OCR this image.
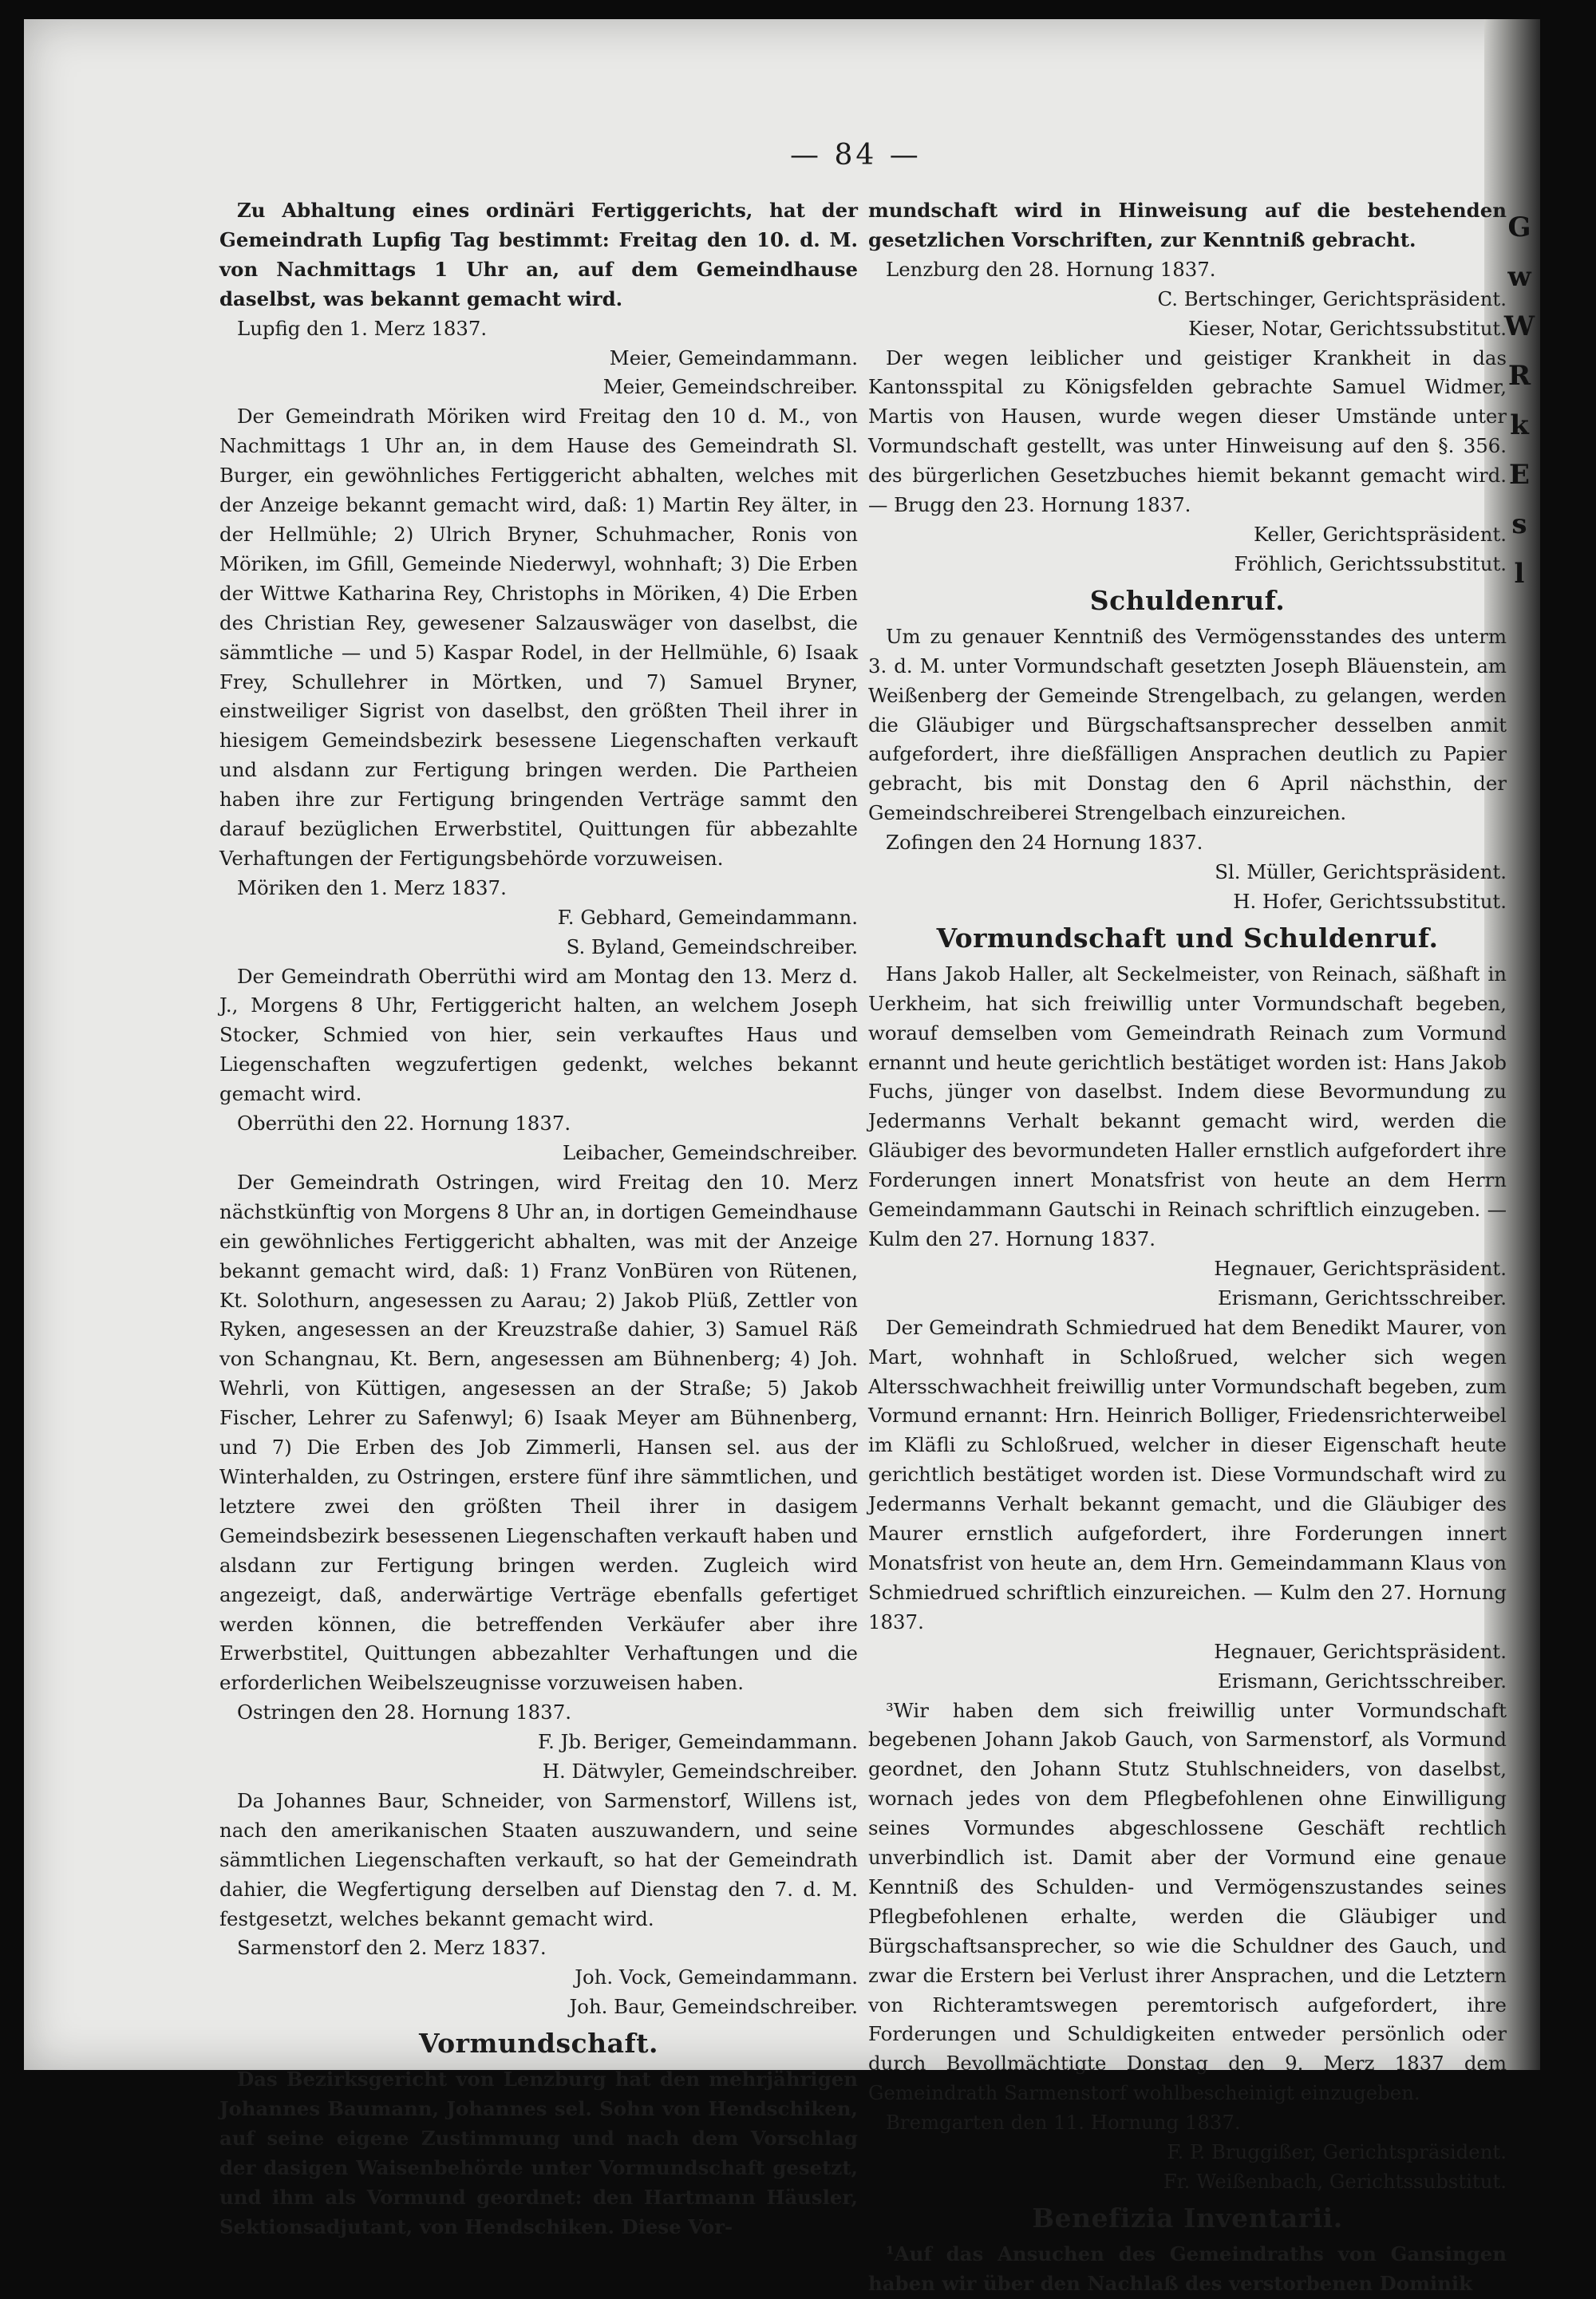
G
w
W
R
k
E
s
l
— 84 —

Zu Abhaltung eines ordinäri Fertiggerichts, hat der Gemeindrath Lupfig Tag bestimmt: Freitag den 10. d. M. von Nachmittags 1 Uhr an, auf dem Gemeindhause daselbst, was bekannt gemacht wird.

Lupfig den 1. Merz 1837.

Meier, Gemeindammann.

Meier, Gemeindschreiber.

Der Gemeindrath Möriken wird Freitag den 10 d. M., von Nachmittags 1 Uhr an, in dem Hause des Gemeindrath Sl. Burger, ein gewöhnliches Fertiggericht abhalten, welches mit der Anzeige bekannt gemacht wird, daß: 1) Martin Rey älter, in der Hellmühle; 2) Ulrich Bryner, Schuhmacher, Ronis von Möriken, im Gfill, Gemeinde Niederwyl, wohnhaft; 3) Die Erben der Wittwe Katharina Rey, Christophs in Möriken, 4) Die Erben des Christian Rey, gewesener Salzauswäger von daselbst, die sämmtliche — und 5) Kaspar Rodel, in der Hellmühle, 6) Isaak Frey, Schullehrer in Mörtken, und 7) Samuel Bryner, einstweiliger Sigrist von daselbst, den größten Theil ihrer in hiesigem Gemeindsbezirk besessene Liegenschaften verkauft und alsdann zur Fertigung bringen werden. Die Partheien haben ihre zur Fertigung bringenden Verträge sammt den darauf bezüglichen Erwerbstitel, Quittungen für abbezahlte Verhaftungen der Fertigungsbehörde vorzuweisen.

Möriken den 1. Merz 1837.

F. Gebhard, Gemeindammann.

S. Byland, Gemeindschreiber.

Der Gemeindrath Oberrüthi wird am Montag den 13. Merz d. J., Morgens 8 Uhr, Fertiggericht halten, an welchem Joseph Stocker, Schmied von hier, sein verkauftes Haus und Liegenschaften wegzufertigen gedenkt, welches bekannt gemacht wird.

Oberrüthi den 22. Hornung 1837.

Leibacher, Gemeindschreiber.

Der Gemeindrath Ostringen, wird Freitag den 10. Merz nächstkünftig von Morgens 8 Uhr an, in dortigen Gemeindhause ein gewöhnliches Fertiggericht abhalten, was mit der Anzeige bekannt gemacht wird, daß: 1) Franz VonBüren von Rütenen, Kt. Solothurn, angesessen zu Aarau; 2) Jakob Plüß, Zettler von Ryken, angesessen an der Kreuzstraße dahier, 3) Samuel Räß von Schangnau, Kt. Bern, angesessen am Bühnenberg; 4) Joh. Wehrli, von Küttigen, angesessen an der Straße; 5) Jakob Fischer, Lehrer zu Safenwyl; 6) Isaak Meyer am Bühnenberg, und 7) Die Erben des Job Zimmerli, Hansen sel. aus der Winterhalden, zu Ostringen, erstere fünf ihre sämmtlichen, und letztere zwei den größten Theil ihrer in dasigem Gemeindsbezirk besessenen Liegenschaften verkauft haben und alsdann zur Fertigung bringen werden. Zugleich wird angezeigt, daß, anderwärtige Verträge ebenfalls gefertiget werden können, die betreffenden Verkäufer aber ihre Erwerbstitel, Quittungen abbezahlter Verhaftungen und die erforderlichen Weibelszeugnisse vorzuweisen haben.

Ostringen den 28. Hornung 1837.

F. Jb. Beriger, Gemeindammann.

H. Dätwyler, Gemeindschreiber.

Da Johannes Baur, Schneider, von Sarmenstorf, Willens ist, nach den amerikanischen Staaten auszuwandern, und seine sämmtlichen Liegenschaften verkauft, so hat der Gemeindrath dahier, die Wegfertigung derselben auf Dienstag den 7. d. M. festgesetzt, welches bekannt gemacht wird.

Sarmenstorf den 2. Merz 1837.

Joh. Vock, Gemeindammann.

Joh. Baur, Gemeindschreiber.

Vormundschaft.

Das Bezirksgericht von Lenzburg hat den mehrjährigen Johannes Baumann, Johannes sel. Sohn von Hendschiken, auf seine eigene Zustimmung und nach dem Vorschlag der dasigen Waisenbehörde unter Vormundschaft gesetzt, und ihm als Vormund geordnet: den Hartmann Häusler, Sektionsadjutant, von Hendschiken. Diese Vor-

mundschaft wird in Hinweisung auf die bestehenden gesetzlichen Vorschriften, zur Kenntniß gebracht.

Lenzburg den 28. Hornung 1837.

C. Bertschinger, Gerichtspräsident.

Kieser, Notar, Gerichtssubstitut.

Der wegen leiblicher und geistiger Krankheit in das Kantonsspital zu Königsfelden gebrachte Samuel Widmer, Martis von Hausen, wurde wegen dieser Umstände unter Vormundschaft gestellt, was unter Hinweisung auf den §. 356. des bürgerlichen Gesetzbuches hiemit bekannt gemacht wird. — Brugg den 23. Hornung 1837.

Keller, Gerichtspräsident.

Fröhlich, Gerichtssubstitut.

Schuldenruf.

Um zu genauer Kenntniß des Vermögensstandes des unterm 3. d. M. unter Vormundschaft gesetzten Joseph Bläuenstein, am Weißenberg der Gemeinde Strengelbach, zu gelangen, werden die Gläubiger und Bürgschaftsansprecher desselben anmit aufgefordert, ihre dießfälligen Ansprachen deutlich zu Papier gebracht, bis mit Donstag den 6 April nächsthin, der Gemeindschreiberei Strengelbach einzureichen.

Zofingen den 24 Hornung 1837.

Sl. Müller, Gerichtspräsident.

H. Hofer, Gerichtssubstitut.

Vormundschaft und Schuldenruf.

Hans Jakob Haller, alt Seckelmeister, von Reinach, säßhaft in Uerkheim, hat sich freiwillig unter Vormundschaft begeben, worauf demselben vom Gemeindrath Reinach zum Vormund ernannt und heute gerichtlich bestätiget worden ist: Hans Jakob Fuchs, jünger von daselbst. Indem diese Bevormundung zu Jedermanns Verhalt bekannt gemacht wird, werden die Gläubiger des bevormundeten Haller ernstlich aufgefordert ihre Forderungen innert Monatsfrist von heute an dem Herrn Gemeindammann Gautschi in Reinach schriftlich einzugeben. — Kulm den 27. Hornung 1837.

Hegnauer, Gerichtspräsident.

Erismann, Gerichtsschreiber.

Der Gemeindrath Schmiedrued hat dem Benedikt Maurer, von Mart, wohnhaft in Schloßrued, welcher sich wegen Altersschwachheit freiwillig unter Vormundschaft begeben, zum Vormund ernannt: Hrn. Heinrich Bolliger, Friedensrichterweibel im Kläfli zu Schloßrued, welcher in dieser Eigenschaft heute gerichtlich bestätiget worden ist. Diese Vormundschaft wird zu Jedermanns Verhalt bekannt gemacht, und die Gläubiger des Maurer ernstlich aufgefordert, ihre Forderungen innert Monatsfrist von heute an, dem Hrn. Gemeindammann Klaus von Schmiedrued schriftlich einzureichen. — Kulm den 27. Hornung 1837.

Hegnauer, Gerichtspräsident.

Erismann, Gerichtsschreiber.

³Wir haben dem sich freiwillig unter Vormundschaft begebenen Johann Jakob Gauch, von Sarmenstorf, als Vormund geordnet, den Johann Stutz Stuhlschneiders, von daselbst, wornach jedes von dem Pflegbefohlenen ohne Einwilligung seines Vormundes abgeschlossene Geschäft rechtlich unverbindlich ist. Damit aber der Vormund eine genaue Kenntniß des Schulden- und Vermögenszustandes seines Pflegbefohlenen erhalte, werden die Gläubiger und Bürgschaftsansprecher, so wie die Schuldner des Gauch, und zwar die Erstern bei Verlust ihrer Ansprachen, und die Letztern von Richteramtswegen peremtorisch aufgefordert, ihre Forderungen und Schuldigkeiten entweder persönlich oder durch Bevollmächtigte Donstag den 9. Merz 1837 dem Gemeindrath Sarmenstorf wohlbescheinigt einzugeben.

Bremgarten den 11. Hornung 1837.

F. P. Bruggißer, Gerichtspräsident.

Fr. Weißenbach, Gerichtssubstitut.

Benefizia Inventarii.

¹Auf das Ansuchen des Gemeindraths von Gansingen haben wir über den Nachlaß des verstorbenen Dominik
